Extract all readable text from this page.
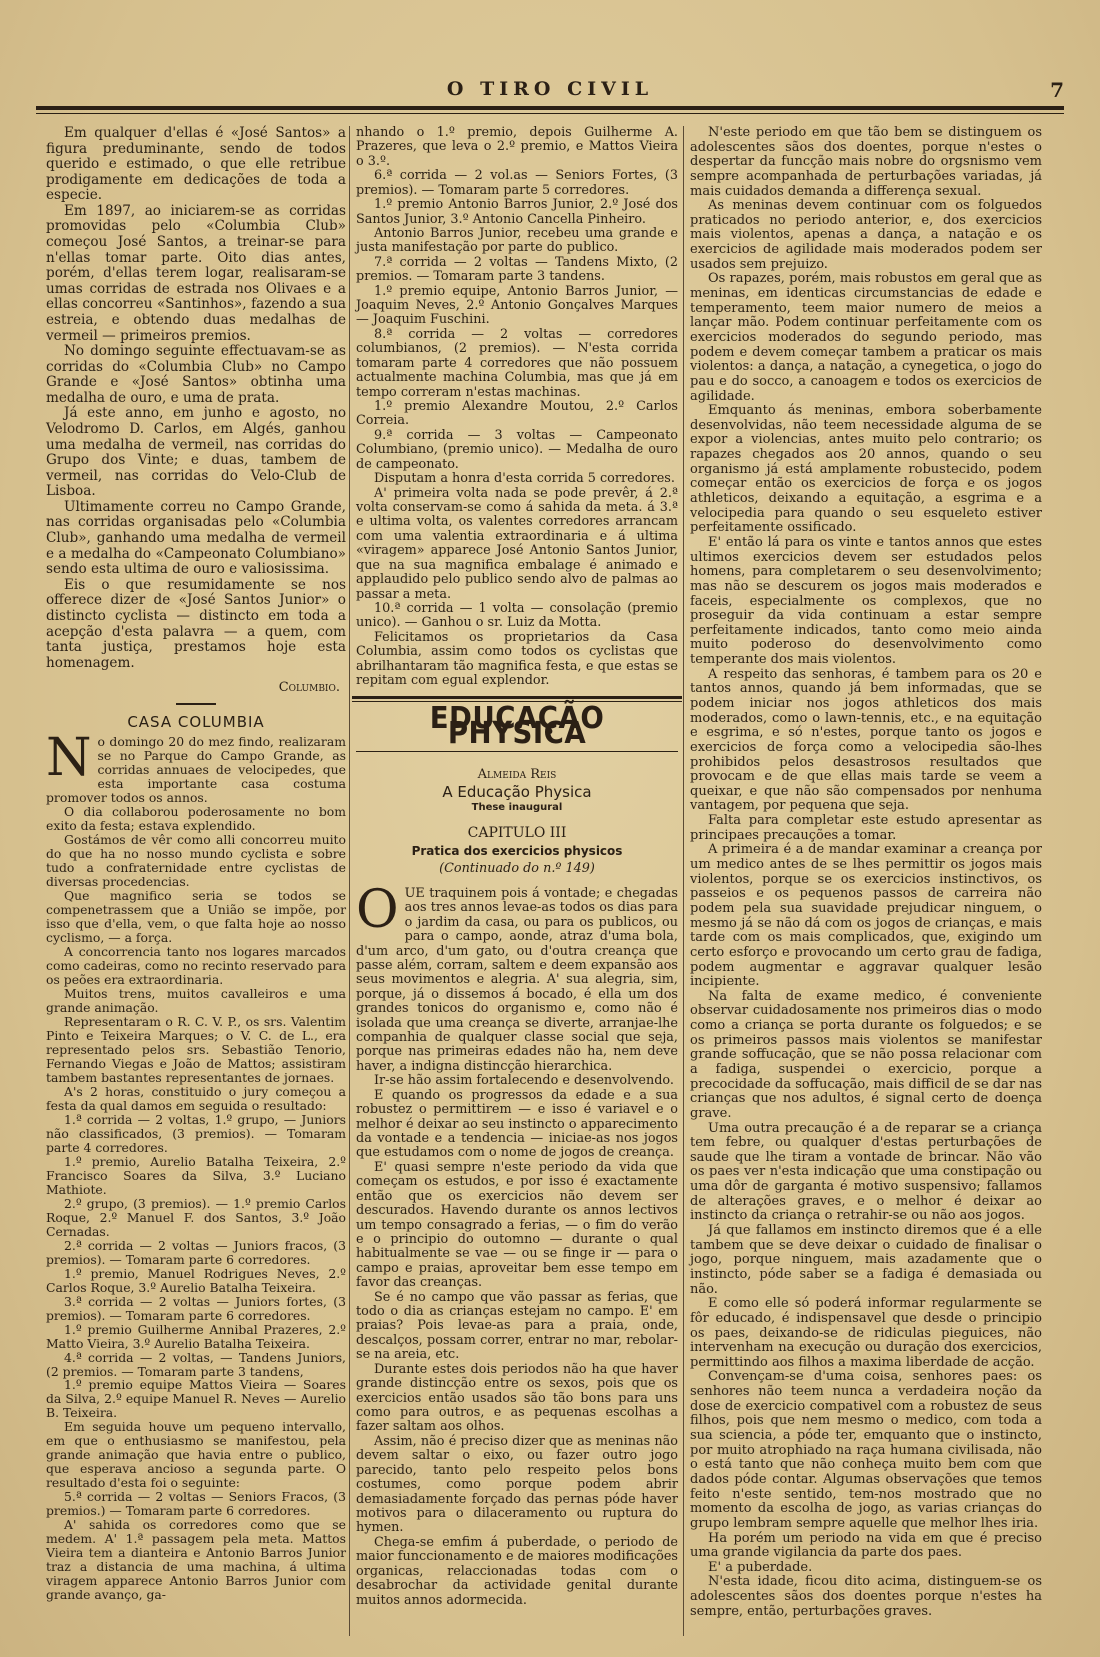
O TIRO CIVIL	7

Em qualquer d'ellas é «José Santos» a figura preduminante, sendo de todos querido e estimado, o que elle retribue prodigamente em dedicações de toda a especie.

Em 1897, ao iniciarem-se as corridas promovidas pelo «Columbia Club» começou José Santos, a treinar-se para n'ellas tomar parte. Oito dias antes, porém, d'ellas terem logar, realisaram-se umas corridas de estrada nos Olivaes e a ellas concorreu «Santinhos», fazendo a sua estreia, e obtendo duas medalhas de vermeil — primeiros premios.

No domingo seguinte effectuavam-se as corridas do «Columbia Club» no Campo Grande e «José Santos» obtinha uma medalha de ouro, e uma de prata.

Já este anno, em junho e agosto, no Velodromo D. Carlos, em Algés, ganhou uma medalha de vermeil, nas corridas do Grupo dos Vinte; e duas, tambem de vermeil, nas corridas do Velo-Club de Lisboa.

Ultimamente correu no Campo Grande, nas corridas organisadas pelo «Columbia Club», ganhando uma medalha de vermeil e a medalha do «Campeonato Columbiano» sendo esta ultima de ouro e valiosissima.

Eis o que resumidamente se nos offerece dizer de «José Santos Junior» o distincto cyclista — distincto em toda a acepção d'esta palavra — a quem, com tanta justiça, prestamos hoje esta homenagem.

Columbio.
CASA COLUMBIA

No domingo 20 do mez findo, realizaram se no Parque do Campo Grande, as corridas annuaes de velocipedes, que esta importante casa costuma promover todos os annos.

O dia collaborou poderosamente no bom exito da festa; estava explendido.

Gostámos de vêr como alli concorreu muito do que ha no nosso mundo cyclista e sobre tudo a confraternidade entre cyclistas de diversas procedencias.

Que magnifico seria se todos se compenetrassem que a União se impõe, por isso que d'ella, vem, o que falta hoje ao nosso cyclismo, — a força.

A concorrencia tanto nos logares marcados como cadeiras, como no recinto reservado para os peões era extraordinaria.

Muitos trens, muitos cavalleiros e uma grande animação.

Representaram o R. C. V. P., os srs. Valentim Pinto e Teixeira Marques; o V. C. de L., era representado pelos srs. Sebastião Tenorio, Fernando Viegas e João de Mattos; assistiram tambem bastantes representantes de jornaes.

A's 2 horas, constituido o jury começou a festa da qual damos em seguida o resultado:

1.ª corrida — 2 voltas, 1.º grupo, — Juniors não classificados, (3 premios). — Tomaram parte 4 corredores.

1.º premio, Aurelio Batalha Teixeira, 2.º Francisco Soares da Silva, 3.º Luciano Mathiote.

2.º grupo, (3 premios). — 1.º premio Carlos Roque, 2.º Manuel F. dos Santos, 3.º João Cernadas.

2.ª corrida — 2 voltas — Juniors fracos, (3 premios). — Tomaram parte 6 corredores.

1.º premio, Manuel Rodrigues Neves, 2.º Carlos Roque, 3.º Aurelio Batalha Teixeira.

3.ª corrida — 2 voltas — Juniors fortes, (3 premios). — Tomaram parte 6 corredores.

1.º premio Guilherme Annibal Prazeres, 2.º Matto Vieira, 3.º Aurelio Batalha Teixeira.

4.ª corrida — 2 voltas, — Tandens Juniors, (2 premios. — Tomaram parte 3 tandens,

1.º premio equipe Mattos Vieira — Soares da Silva, 2.º equipe Manuel R. Neves — Aurelio B. Teixeira.

Em seguida houve um pequeno intervallo, em que o enthusiasmo se manifestou, pela grande animação que havia entre o publico, que esperava ancioso a segunda parte. O resultado d'esta foi o seguinte:

5.ª corrida — 2 voltas — Seniors Fracos, (3 premios.) — Tomaram parte 6 corredores.

A' sahida os corredores como que se medem. A' 1.ª passagem pela meta. Mattos Vieira tem a dianteira e Antonio Barros Junior traz a distancia de uma machina, á ultima viragem apparece Antonio Barros Junior com grande avanço, ga-

nhando o 1.º premio, depois Guilherme A. Prazeres, que leva o 2.º premio, e Mattos Vieira o 3.º.

6.ª corrida — 2 vol.as — Seniors Fortes, (3 premios). — Tomaram parte 5 corredores.

1.º premio Antonio Barros Junior, 2.º José dos Santos Junior, 3.º Antonio Cancella Pinheiro.

Antonio Barros Junior, recebeu uma grande e justa manifestação por parte do publico.

7.ª corrida — 2 voltas — Tandens Mixto, (2 premios. — Tomaram parte 3 tandens.

1.º premio equipe, Antonio Barros Junior, — Joaquim Neves, 2.º Antonio Gonçalves Marques — Joaquim Fuschini.

8.ª corrida — 2 voltas — corredores columbianos, (2 premios). — N'esta corrida tomaram parte 4 corredores que não possuem actualmente machina Columbia, mas que já em tempo correram n'estas machinas.

1.º premio Alexandre Moutou, 2.º Carlos Correia.

9.ª corrida — 3 voltas — Campeonato Columbiano, (premio unico). — Medalha de ouro de campeonato.

Disputam a honra d'esta corrida 5 corredores.

A' primeira volta nada se pode prevêr, á 2.ª volta conservam-se como á sahida da meta. á 3.ª e ultima volta, os valentes corredores arrancam com uma valentia extraordinaria e á ultima «viragem» apparece José Antonio Santos Junior, que na sua magnifica embalage é animado e applaudido pelo publico sendo alvo de palmas ao passar a meta.

10.ª corrida — 1 volta — consolação (premio unico). — Ganhou o sr. Luiz da Motta.

Felicitamos os proprietarios da Casa Columbia, assim como todos os cyclistas que abrilhantaram tão magnifica festa, e que estas se repitam com egual explendor.

EDUCAÇÃO PHYSICA
Almeida Reis
A Educação Physica
These inaugural
CAPITULO III
Pratica dos exercicios physicos
(Continuado do n.º 149)

OUE traquinem pois á vontade; e chegadas aos tres annos levae-as todos os dias para o jardim da casa, ou para os publicos, ou para o campo, aonde, atraz d'uma bola, d'um arco, d'um gato, ou d'outra creança que passe além, corram, saltem e deem expansão aos seus movimentos e alegria. A' sua alegria, sim, porque, já o dissemos á bocado, é ella um dos grandes tonicos do organismo e, como não é isolada que uma creança se diverte, arranjae-lhe companhia de qualquer classe social que seja, porque nas primeiras edades não ha, nem deve haver, a indigna distincção hierarchica.

Ir-se hão assim fortalecendo e desenvolvendo.

E quando os progressos da edade e a sua robustez o permittirem — e isso é variavel e o melhor é deixar ao seu instincto o apparecimento da vontade e a tendencia — iniciae-as nos jogos que estudamos com o nome de jogos de creança.

E' quasi sempre n'este periodo da vida que começam os estudos, e por isso é exactamente então que os exercicios não devem ser descurados. Havendo durante os annos lectivos um tempo consagrado a ferias, — o fim do verão e o principio do outomno — durante o qual habitualmente se vae — ou se finge ir — para o campo e praias, aproveitar bem esse tempo em favor das creanças.

Se é no campo que vão passar as ferias, que todo o dia as crianças estejam no campo. E' em praias? Pois levae-as para a praia, onde, descalços, possam correr, entrar no mar, rebolar-se na areia, etc.

Durante estes dois periodos não ha que haver grande distincção entre os sexos, pois que os exercicios então usados são tão bons para uns como para outros, e as pequenas escolhas a fazer saltam aos olhos.

Assim, não é preciso dizer que as meninas não devem saltar o eixo, ou fazer outro jogo parecido, tanto pelo respeito pelos bons costumes, como porque podem abrir demasiadamente forçado das pernas póde haver motivos para o dilaceramento ou ruptura do hymen.

Chega-se emfim á puberdade, o periodo de maior funccionamento e de maiores modificações organicas, relaccionadas todas com o desabrochar da actividade genital durante muitos annos adormecida.

N'este periodo em que tão bem se distinguem os adolescentes sãos dos doentes, porque n'estes o despertar da funcção mais nobre do orgsnismo vem sempre acompanhada de perturbações variadas, já mais cuidados demanda a differença sexual.

As meninas devem continuar com os folguedos praticados no periodo anterior, e, dos exercicios mais violentos, apenas a dança, a natação e os exercicios de agilidade mais moderados podem ser usados sem prejuizo.

Os rapazes, porém, mais robustos em geral que as meninas, em identicas circumstancias de edade e temperamento, teem maior numero de meios a lançar mão. Podem continuar perfeitamente com os exercicios moderados do segundo periodo, mas podem e devem começar tambem a praticar os mais violentos: a dança, a natação, a cynegetica, o jogo do pau e do socco, a canoagem e todos os exercicios de agilidade.

Emquanto ás meninas, embora soberbamente desenvolvidas, não teem necessidade alguma de se expor a violencias, antes muito pelo contrario; os rapazes chegados aos 20 annos, quando o seu organismo já está amplamente robustecido, podem começar então os exercicios de força e os jogos athleticos, deixando a equitação, a esgrima e a velocipedia para quando o seu esqueleto estiver perfeitamente ossificado.

E' então lá para os vinte e tantos annos que estes ultimos exercicios devem ser estudados pelos homens, para completarem o seu desenvolvimento; mas não se descurem os jogos mais moderados e faceis, especialmente os complexos, que no proseguir da vida continuam a estar sempre perfeitamente indicados, tanto como meio ainda muito poderoso do desenvolvimento como temperante dos mais violentos.

A respeito das senhoras, é tambem para os 20 e tantos annos, quando já bem informadas, que se podem iniciar nos jogos athleticos dos mais moderados, como o lawn-tennis, etc., e na equitação e esgrima, e só n'estes, porque tanto os jogos e exercicios de força como a velocipedia são-lhes prohibidos pelos desastrosos resultados que provocam e de que ellas mais tarde se veem a queixar, e que não são compensados por nenhuma vantagem, por pequena que seja.

Falta para completar este estudo apresentar as principaes precauções a tomar.

A primeira é a de mandar examinar a creança por um medico antes de se lhes permittir os jogos mais violentos, porque se os exercicios instinctivos, os passeios e os pequenos passos de carreira não podem pela sua suavidade prejudicar ninguem, o mesmo já se não dá com os jogos de crianças, e mais tarde com os mais complicados, que, exigindo um certo esforço e provocando um certo grau de fadiga, podem augmentar e aggravar qualquer lesão incipiente.

Na falta de exame medico, é conveniente observar cuidadosamente nos primeiros dias o modo como a criança se porta durante os folguedos; e se os primeiros passos mais violentos se manifestar grande soffucação, que se não possa relacionar com a fadiga, suspendei o exercicio, porque a precocidade da soffucação, mais difficil de se dar nas crianças que nos adultos, é signal certo de doença grave.

Uma outra precaução é a de reparar se a criança tem febre, ou qualquer d'estas perturbações de saude que lhe tiram a vontade de brincar. Não vão os paes ver n'esta indicação que uma constipação ou uma dôr de garganta é motivo suspensivo; fallamos de alterações graves, e o melhor é deixar ao instincto da criança o retrahir-se ou não aos jogos.

Já que fallamos em instincto diremos que é a elle tambem que se deve deixar o cuidado de finalisar o jogo, porque ninguem, mais azadamente que o instincto, póde saber se a fadiga é demasiada ou não.

E como elle só poderá informar regularmente se fôr educado, é indispensavel que desde o principio os paes, deixando-se de ridiculas pieguices, não intervenham na execução ou duração dos exercicios, permittindo aos filhos a maxima liberdade de acção.

Convençam-se d'uma coisa, senhores paes: os senhores não teem nunca a verdadeira noção da dose de exercicio compativel com a robustez de seus filhos, pois que nem mesmo o medico, com toda a sua sciencia, a póde ter, emquanto que o instincto, por muito atrophiado na raça humana civilisada, não o está tanto que não conheça muito bem com que dados póde contar. Algumas observações que temos feito n'este sentido, tem-nos mostrado que no momento da escolha de jogo, as varias crianças do grupo lembram sempre aquelle que melhor lhes iria.

Ha porém um periodo na vida em que é preciso uma grande vigilancia da parte dos paes.

E' a puberdade.

N'esta idade, ficou dito acima, distinguem-se os adolescentes sãos dos doentes porque n'estes ha sempre, então, perturbações graves.
